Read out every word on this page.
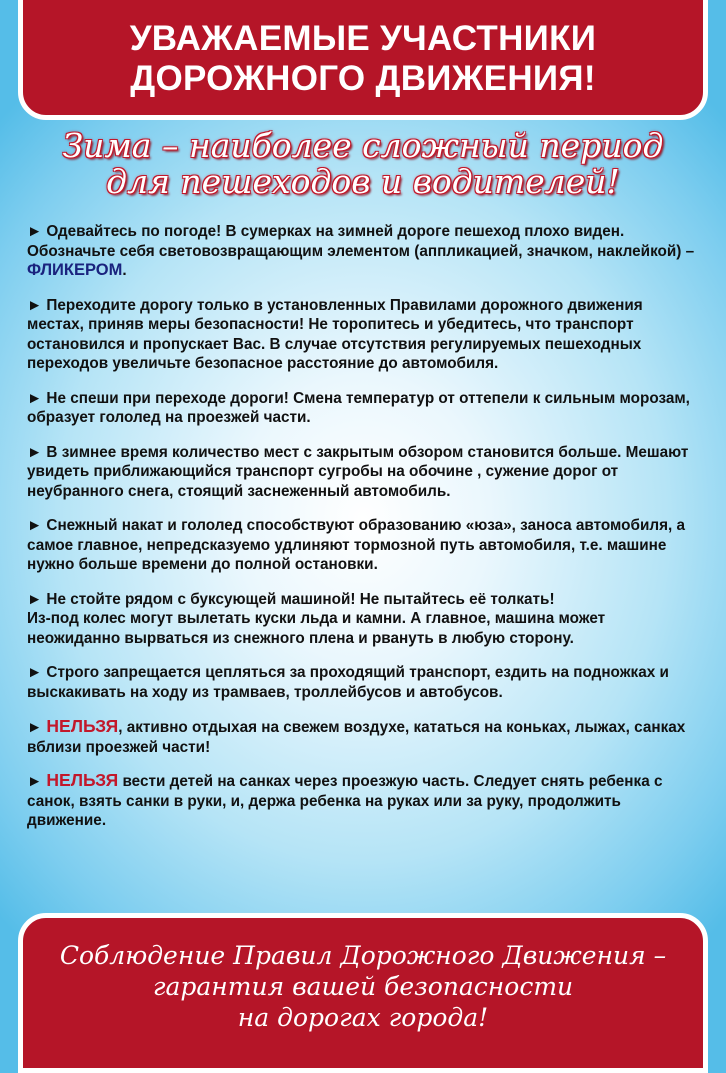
УВАЖАЕМЫЕ УЧАСТНИКИ
ДОРОЖНОГО ДВИЖЕНИЯ!
Зима – наиболее сложный период
для пешеходов и водителей!

► Одевайтесь по погоде! В сумерках на зимней дороге пешеход плохо виден. Обозначьте себя световозвращающим элементом (аппликацией, значком, наклейкой) – ФЛИКЕРОМ.

► Переходите дорогу только в установленных Правилами дорожного движения местах, приняв меры безопасности! Не торопитесь и убедитесь, что транспорт остановился и пропускает Вас. В случае отсутствия регулируемых пешеходных переходов увеличьте безопасное расстояние до автомобиля.

► Не спеши при переходе дороги! Смена температур от оттепели к сильным морозам, образует гололед на проезжей части.

► В зимнее время количество мест с закрытым обзором становится больше. Мешают увидеть приближающийся транспорт сугробы на обочине , сужение дорог от неубранного снега, стоящий заснеженный автомобиль.

► Снежный накат и гололед способствуют образованию «юза», заноса автомобиля, а самое главное, непредсказуемо удлиняют тормозной путь автомобиля, т.е. машине нужно больше времени до полной остановки.

► Не стойте рядом с буксующей машиной! Не пытайтесь её толкать!
Из-под колес могут вылетать куски льда и камни. А главное, машина может неожиданно вырваться из снежного плена и рвануть в любую сторону.

► Строго запрещается цепляться за проходящий транспорт, ездить на подножках и выскакивать на ходу из трамваев, троллейбусов и автобусов.

► НЕЛЬЗЯ, активно отдыхая на свежем воздухе, кататься на коньках, лыжах, санках вблизи проезжей части!

► НЕЛЬЗЯ вести детей на санках через проезжую часть. Следует снять ребенка с санок, взять санки в руки, и, держа ребенка на руках или за руку, продолжить движение.

Соблюдение Правил Дорожного Движения –
гарантия вашей безопасности
на дорогах города!
